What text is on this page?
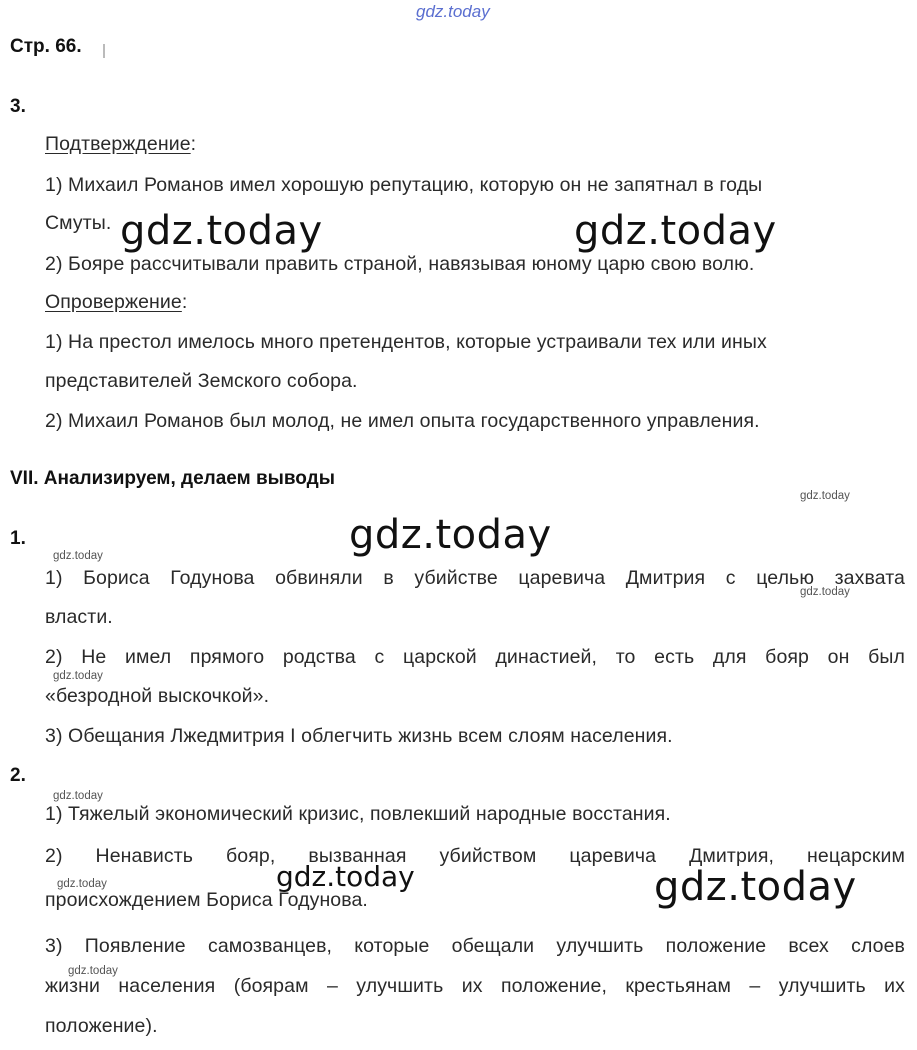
gdz.today
Стр. 66.
3.
Подтверждение:
1) Михаил Романов имел хорошую репутацию, которую он не запятнал в годы
Смуты.
2) Бояре рассчитывали править страной, навязывая юному царю свою волю.
Опровержение:
1) На престол имелось много претендентов, которые устраивали тех или иных
представителей Земского собора.
2) Михаил Романов был молод, не имел опыта государственного управления.
gdz.today	gdz.today
VII. Анализируем, делаем выводы
gdz.today
1.	gdz.today
gdz.today
1) Бориса Годунова обвиняли в убийстве царевича Дмитрия с целью захвата
gdz.today
власти.
2) Не имел прямого родства с царской династией, то есть для бояр он был
gdz.today
«безродной выскочкой».
3) Обещания Лжедмитрия I облегчить жизнь всем слоям населения.
2.
gdz.today
1) Тяжелый экономический кризис, повлекший народные восстания.
2) Ненависть бояр, вызванная убийством царевича Дмитрия, нецарским
gdz.today	gdz.today	gdz.today
происхождением Бориса Годунова.
3) Появление самозванцев, которые обещали улучшить положение всех слоев
gdz.today
жизни населения (боярам – улучшить их положение, крестьянам – улучшить их
положение).
